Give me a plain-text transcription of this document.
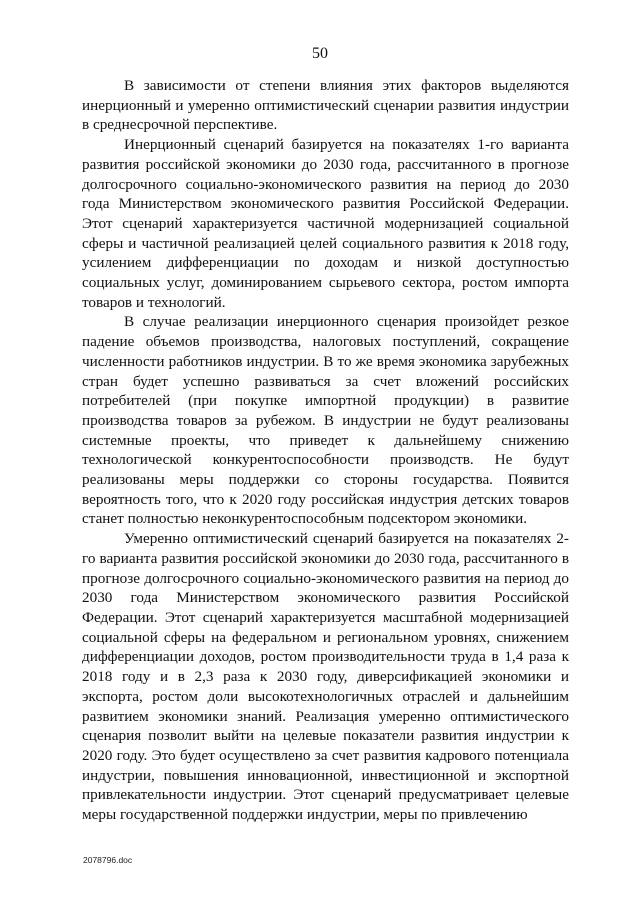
50

В зависимости от степени влияния этих факторов выделяются инерционный и умеренно оптимистический сценарии развития индустрии в среднесрочной перспективе.

Инерционный сценарий базируется на показателях 1-го варианта развития российской экономики до 2030 года, рассчитанного в прогнозе долгосрочного социально-экономического развития на период до 2030 года Министерством экономического развития Российской Федерации. Этот сценарий характеризуется частичной модернизацией социальной сферы и частичной реализацией целей социального развития к 2018 году, усилением дифференциации по доходам и низкой доступностью социальных услуг, доминированием сырьевого сектора, ростом импорта товаров и технологий.

В случае реализации инерционного сценария произойдет резкое падение объемов производства, налоговых поступлений, сокращение численности работников индустрии. В то же время экономика зарубежных стран будет успешно развиваться за счет вложений российских потребителей (при покупке импортной продукции) в развитие производства товаров за рубежом. В индустрии не будут реализованы системные проекты, что приведет к дальнейшему снижению технологической конкурентоспособности производств. Не будут реализованы меры поддержки со стороны государства. Появится вероятность того, что к 2020 году российская индустрия детских товаров станет полностью неконкурентоспособным подсектором экономики.

Умеренно оптимистический сценарий базируется на показателях 2-го варианта развития российской экономики до 2030 года, рассчитанного в прогнозе долгосрочного социально-экономического развития на период до 2030 года Министерством экономического развития Российской Федерации. Этот сценарий характеризуется масштабной модернизацией социальной сферы на федеральном и региональном уровнях, снижением дифференциации доходов, ростом производительности труда в 1,4 раза к 2018 году и в 2,3 раза к 2030 году, диверсификацией экономики и экспорта, ростом доли высокотехнологичных отраслей и дальнейшим развитием экономики знаний. Реализация умеренно оптимистического сценария позволит выйти на целевые показатели развития индустрии к 2020 году. Это будет осуществлено за счет развития кадрового потенциала индустрии, повышения инновационной, инвестиционной и экспортной привлекательности индустрии. Этот сценарий предусматривает целевые меры государственной поддержки индустрии, меры по привлечению

2078796.doc
